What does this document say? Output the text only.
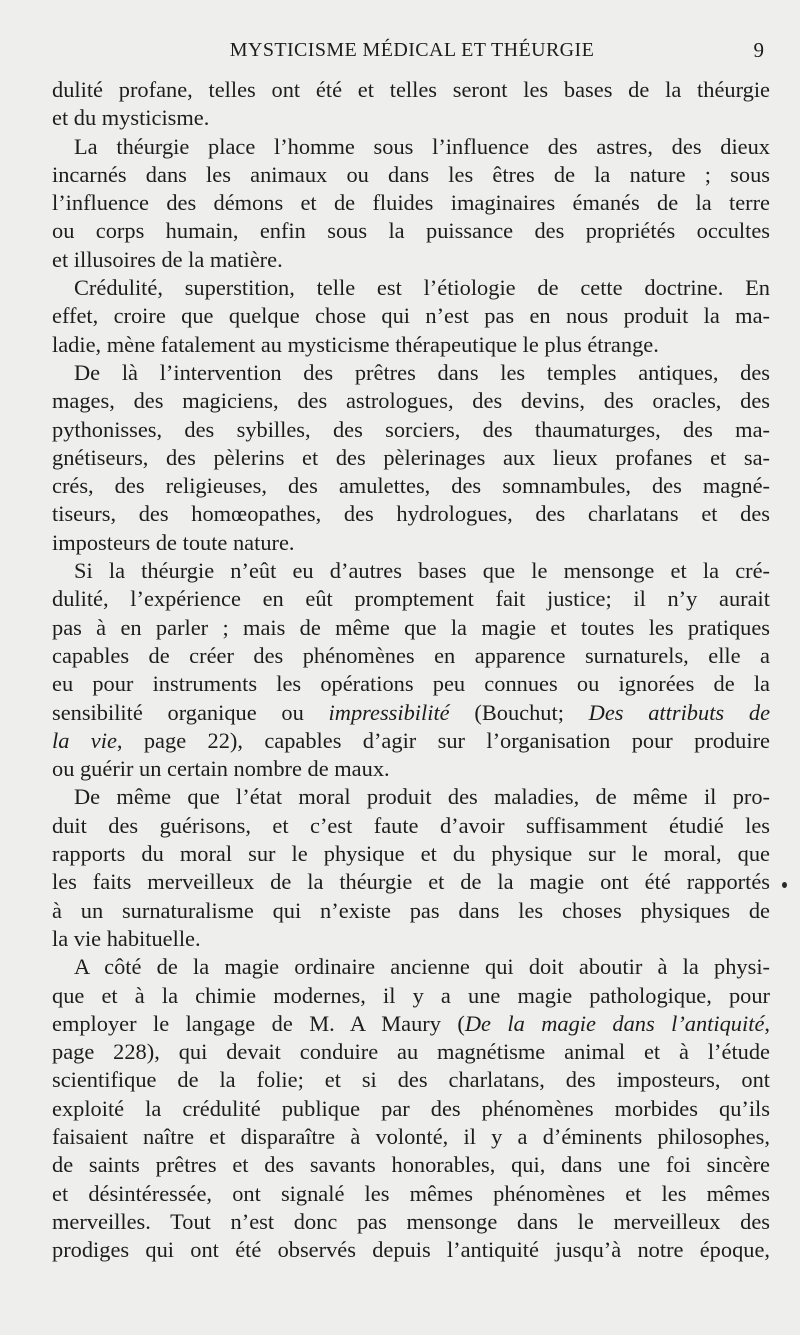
MYSTICISME MÉDICAL ET THÉURGIE	9
dulité profane, telles ont été et telles seront les bases de la théurgie
et du mysticisme.
La théurgie place l’homme sous l’influence des astres, des dieux
incarnés dans les animaux ou dans les êtres de la nature ; sous
l’influence des démons et de fluides imaginaires émanés de la terre
ou corps humain, enfin sous la puissance des propriétés occultes
et illusoires de la matière.
Crédulité, superstition, telle est l’étiologie de cette doctrine. En
effet, croire que quelque chose qui n’est pas en nous produit la ma-
ladie, mène fatalement au mysticisme thérapeutique le plus étrange.
De là l’intervention des prêtres dans les temples antiques, des
mages, des magiciens, des astrologues, des devins, des oracles, des
pythonisses, des sybilles, des sorciers, des thaumaturges, des ma-
gnétiseurs, des pèlerins et des pèlerinages aux lieux profanes et sa-
crés, des religieuses, des amulettes, des somnambules, des magné-
tiseurs, des homœopathes, des hydrologues, des charlatans et des
imposteurs de toute nature.
Si la théurgie n’eût eu d’autres bases que le mensonge et la cré-
dulité, l’expérience en eût promptement fait justice; il n’y aurait
pas à en parler ; mais de même que la magie et toutes les pratiques
capables de créer des phénomènes en apparence surnaturels, elle a
eu pour instruments les opérations peu connues ou ignorées de la
sensibilité organique ou impressibilité (Bouchut; Des attributs de
la vie, page 22), capables d’agir sur l’organisation pour produire
ou guérir un certain nombre de maux.
De même que l’état moral produit des maladies, de même il pro-
duit des guérisons, et c’est faute d’avoir suffisamment étudié les
rapports du moral sur le physique et du physique sur le moral, que
les faits merveilleux de la théurgie et de la magie ont été rapportés
à un surnaturalisme qui n’existe pas dans les choses physiques de
la vie habituelle.
A côté de la magie ordinaire ancienne qui doit aboutir à la physi-
que et à la chimie modernes, il y a une magie pathologique, pour
employer le langage de M. A Maury (De la magie dans l’antiquité,
page 228), qui devait conduire au magnétisme animal et à l’étude
scientifique de la folie; et si des charlatans, des imposteurs, ont
exploité la crédulité publique par des phénomènes morbides qu’ils
faisaient naître et disparaître à volonté, il y a d’éminents philosophes,
de saints prêtres et des savants honorables, qui, dans une foi sincère
et désintéressée, ont signalé les mêmes phénomènes et les mêmes
merveilles. Tout n’est donc pas mensonge dans le merveilleux des
prodiges qui ont été observés depuis l’antiquité jusqu’à notre époque,
